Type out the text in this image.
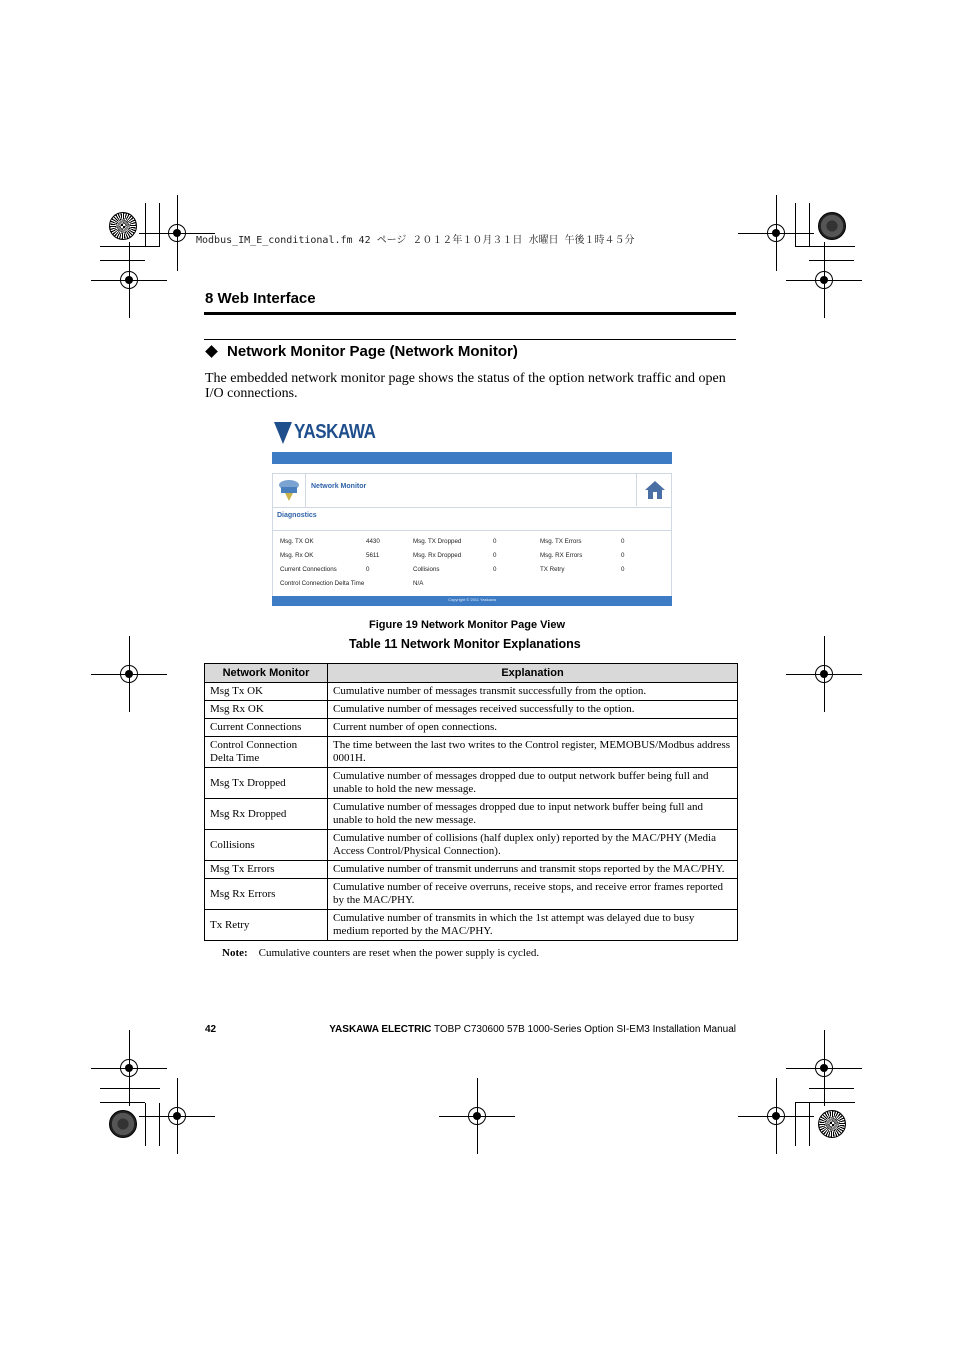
Modbus_IM_E_conditional.fm 42 ページ ２０１２年１０月３１日 水曜日 午後１時４５分
8 Web Interface
Network Monitor Page (Network Monitor)
The embedded network monitor page shows the status of the option network traffic and open I/O connections.
YASKAWA
Network Monitor
Diagnostics
Msg. TX OK	4430
Msg. Rx OK	5611
Current Connections	0
Control Connection Delta Time	N/A
Msg. TX Dropped	0
Msg. Rx Dropped	0
Collisions	0
Msg. TX Errors	0
Msg. RX Errors	0
TX Retry	0
Copyright © 2011 Yaskawa
Figure 19 Network Monitor Page View
Table 11 Network Monitor Explanations
Network Monitor	Explanation
Msg Tx OK	Cumulative number of messages transmit successfully from the option.
Msg Rx OK	Cumulative number of messages received successfully to the option.
Current Connections	Current number of open connections.
Control Connection Delta Time	The time between the last two writes to the Control register, MEMOBUS/Modbus address 0001H.
Msg Tx Dropped	Cumulative number of messages dropped due to output network buffer being full and unable to hold the new message.
Msg Rx Dropped	Cumulative number of messages dropped due to input network buffer being full and unable to hold the new message.
Collisions	Cumulative number of collisions (half duplex only) reported by the MAC/PHY (Media Access Control/Physical Connection).
Msg Tx Errors	Cumulative number of transmit underruns and transmit stops reported by the MAC/PHY.
Msg Rx Errors	Cumulative number of receive overruns, receive stops, and receive error frames reported by the MAC/PHY.
Tx Retry	Cumulative number of transmits in which the 1st attempt was delayed due to busy medium reported by the MAC/PHY.
Note: Cumulative counters are reset when the power supply is cycled.
42	YASKAWA ELECTRIC TOBP C730600 57B 1000-Series Option SI-EM3 Installation Manual
